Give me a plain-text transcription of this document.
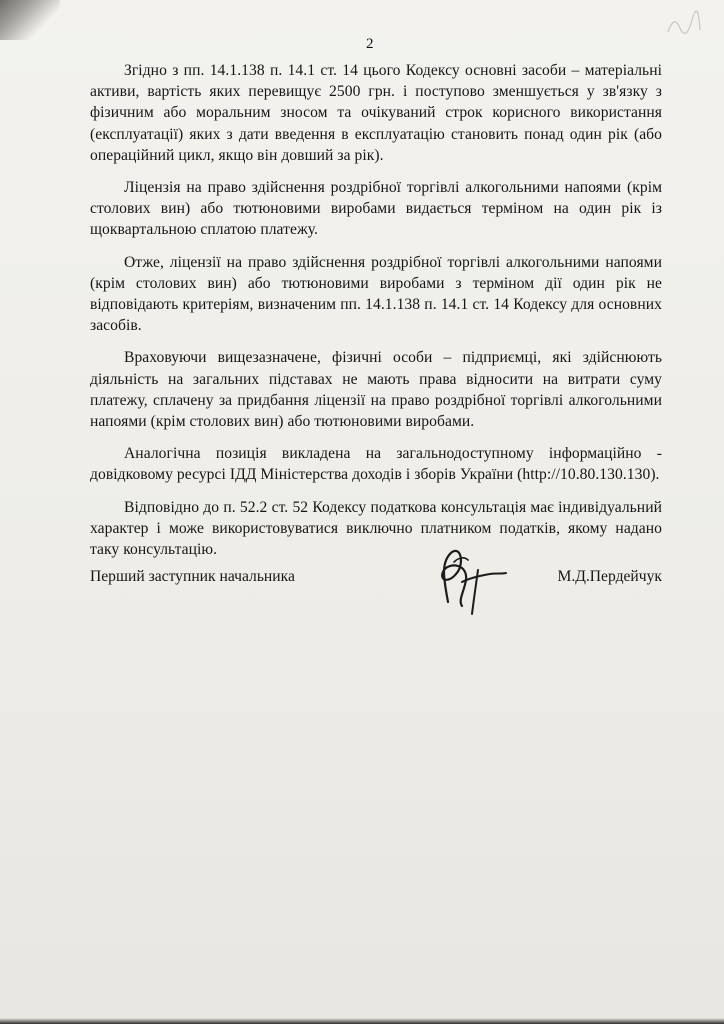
2

Згідно з пп. 14.1.138 п. 14.1 ст. 14 цього Кодексу основні засоби – матеріальні активи, вартість яких перевищує 2500 грн. і поступово зменшується у зв'язку з фізичним або моральним зносом та очікуваний строк корисного використання (експлуатації) яких з дати введення в експлуатацію становить понад один рік (або операційний цикл, якщо він довший за рік).

Ліцензія на право здійснення роздрібної торгівлі алкогольними напоями (крім столових вин) або тютюновими виробами видається терміном на один рік із щоквартальною сплатою платежу.

Отже, ліцензії на право здійснення роздрібної торгівлі алкогольними напоями (крім столових вин) або тютюновими виробами з терміном дії один рік не відповідають критеріям, визначеним пп. 14.1.138 п. 14.1 ст. 14 Кодексу для основних засобів.

Враховуючи вищезазначене, фізичні особи – підприємці, які здійснюють діяльність на загальних підставах не мають права відносити на витрати суму платежу, сплачену за придбання ліцензії на право роздрібної торгівлі алкогольними напоями (крім столових вин) або тютюновими виробами.

Аналогічна позиція викладена на загальнодоступному інформаційно - довідковому ресурсі ІДД Міністерства доходів і зборів України (http://10.80.130.130).

Відповідно до п. 52.2 ст. 52 Кодексу податкова консультація має індивідуальний характер і може використовуватися виключно платником податків, якому надано таку консультацію.

Перший заступник начальника	М.Д.Пердейчук
